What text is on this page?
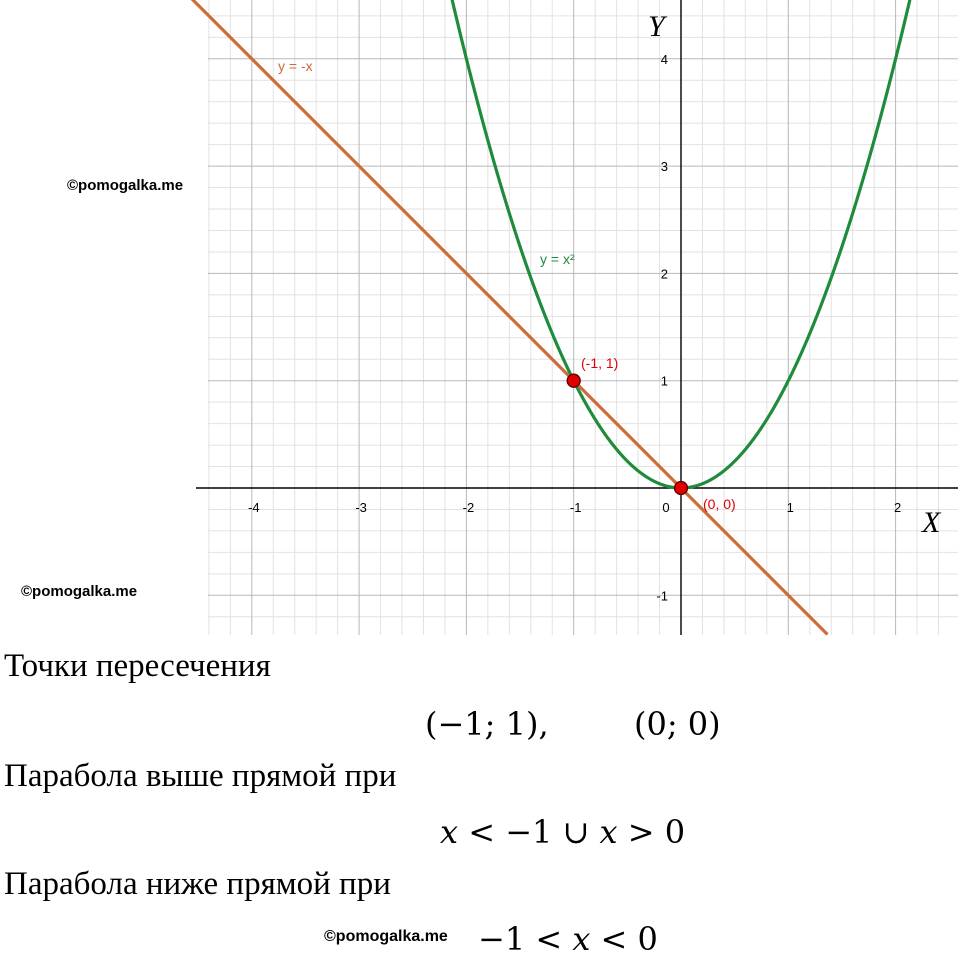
-4	-3	-2	-1	0	1	2
1
2
3
4
-1
Y
X
y = -x
y = x²
(-1, 1)
(0, 0)
©pomogalka.me
©pomogalka.me
Точки пересечения
(−1; 1),	(0; 0)
Парабола выше прямой при
x < −1 ∪ x > 0
Парабола ниже прямой при
©pomogalka.me −1 < x < 0
